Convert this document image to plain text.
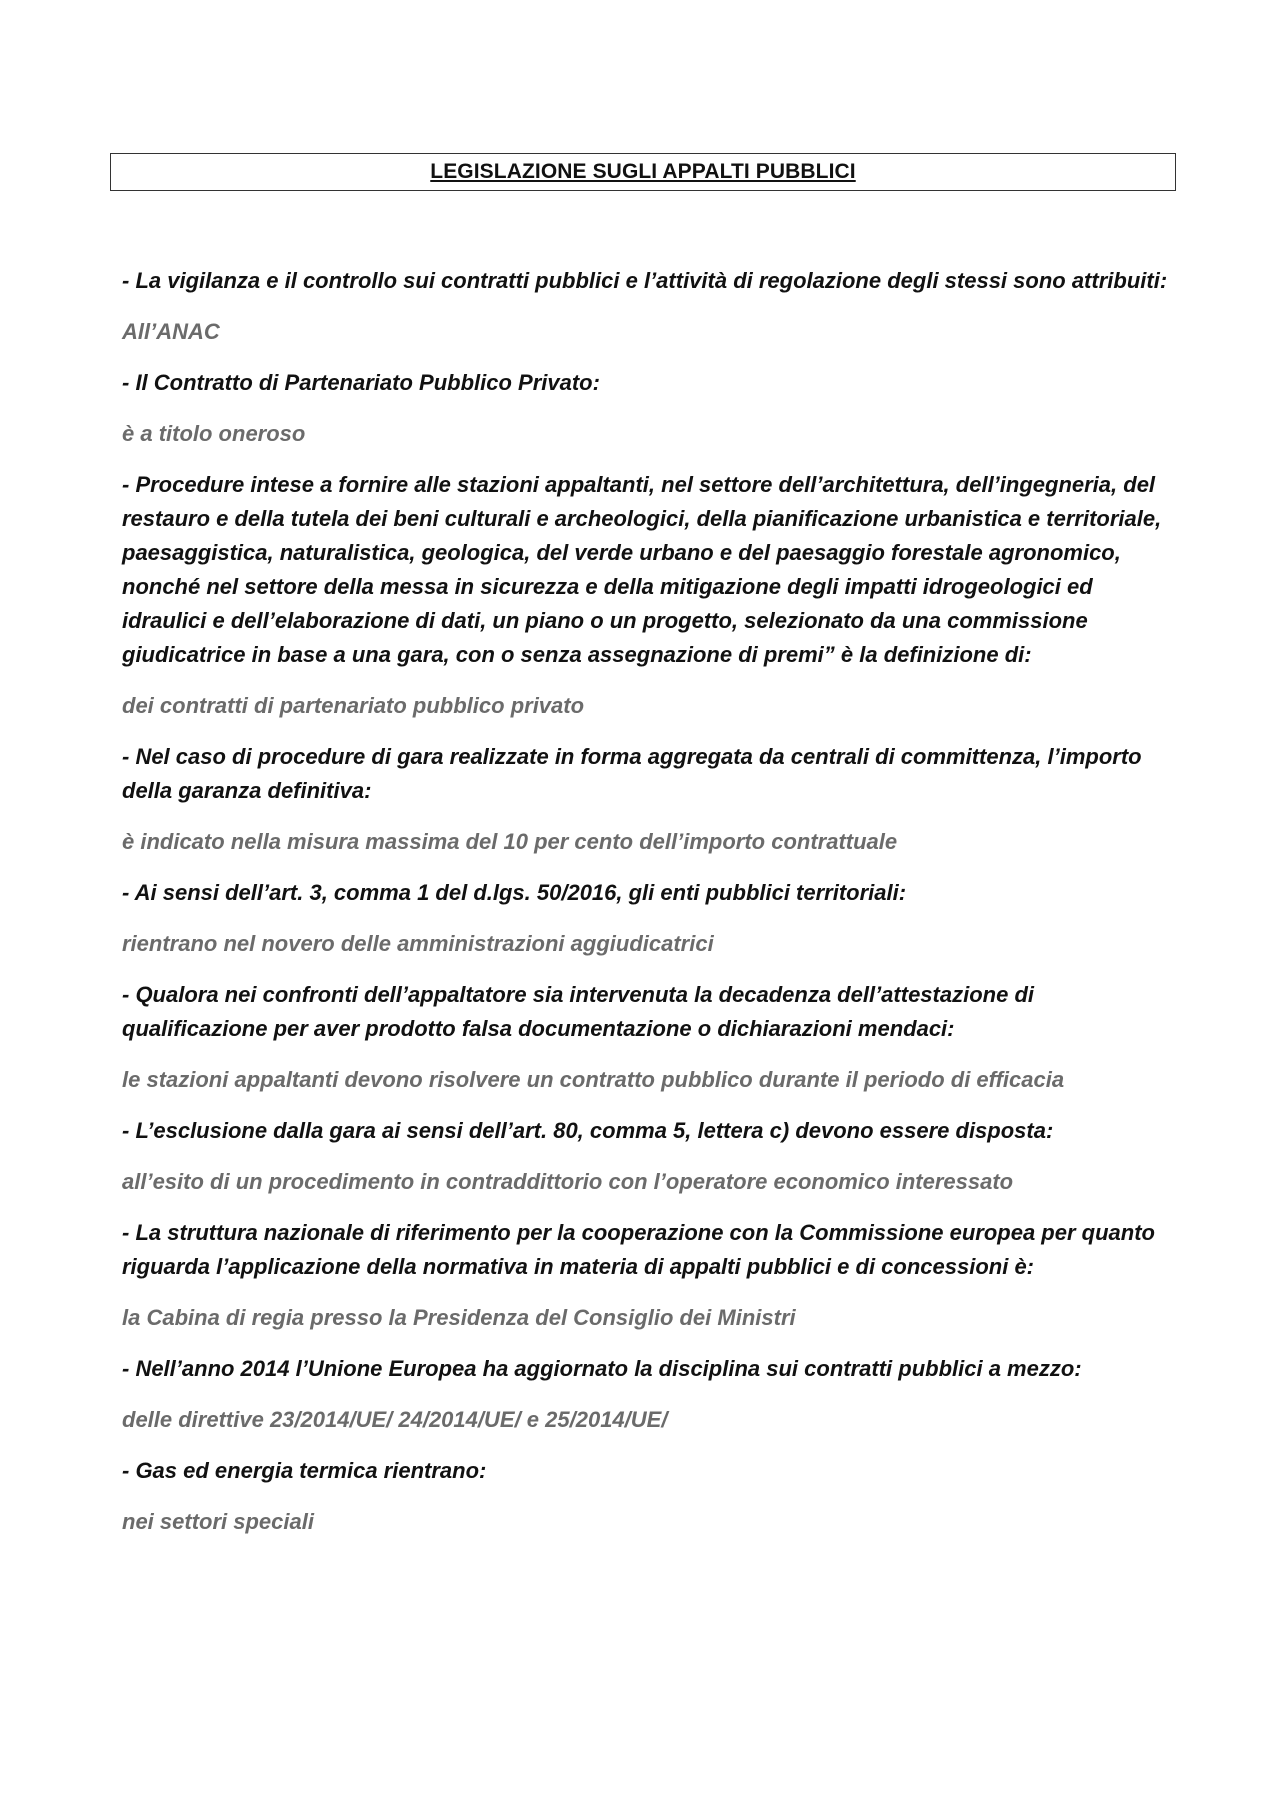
LEGISLAZIONE SUGLI APPALTI PUBBLICI

- La vigilanza e il controllo sui contratti pubblici e l’attività di regolazione degli stessi sono attribuiti:

All’ANAC

- Il Contratto di Partenariato Pubblico Privato:

è a titolo oneroso

- Procedure intese a fornire alle stazioni appaltanti, nel settore dell’architettura, dell’ingegneria, del restauro e della tutela dei beni culturali e archeologici, della pianificazione urbanistica e territoriale, paesaggistica, naturalistica, geologica, del verde urbano e del paesaggio forestale agronomico, nonché nel settore della messa in sicurezza e della mitigazione degli impatti idrogeologici ed idraulici e dell’elaborazione di dati, un piano o un progetto, selezionato da una commissione giudicatrice in base a una gara, con o senza assegnazione di premi” è la definizione di:

dei contratti di partenariato pubblico privato

- Nel caso di procedure di gara realizzate in forma aggregata da centrali di committenza, l’importo della garanza definitiva:

è indicato nella misura massima del 10 per cento dell’importo contrattuale

- Ai sensi dell’art. 3, comma 1 del d.lgs. 50/2016, gli enti pubblici territoriali:

rientrano nel novero delle amministrazioni aggiudicatrici

- Qualora nei confronti dell’appaltatore sia intervenuta la decadenza dell’attestazione di qualificazione per aver prodotto falsa documentazione o dichiarazioni mendaci:

le stazioni appaltanti devono risolvere un contratto pubblico durante il periodo di efficacia

- L’esclusione dalla gara ai sensi dell’art. 80, comma 5, lettera c) devono essere disposta:

all’esito di un procedimento in contraddittorio con l’operatore economico interessato

- La struttura nazionale di riferimento per la cooperazione con la Commissione europea per quanto riguarda l’applicazione della normativa in materia di appalti pubblici e di concessioni è:

la Cabina di regia presso la Presidenza del Consiglio dei Ministri

- Nell’anno 2014 l’Unione Europea ha aggiornato la disciplina sui contratti pubblici a mezzo:

delle direttive 23/2014/UE/ 24/2014/UE/ e 25/2014/UE/

- Gas ed energia termica rientrano:

nei settori speciali
